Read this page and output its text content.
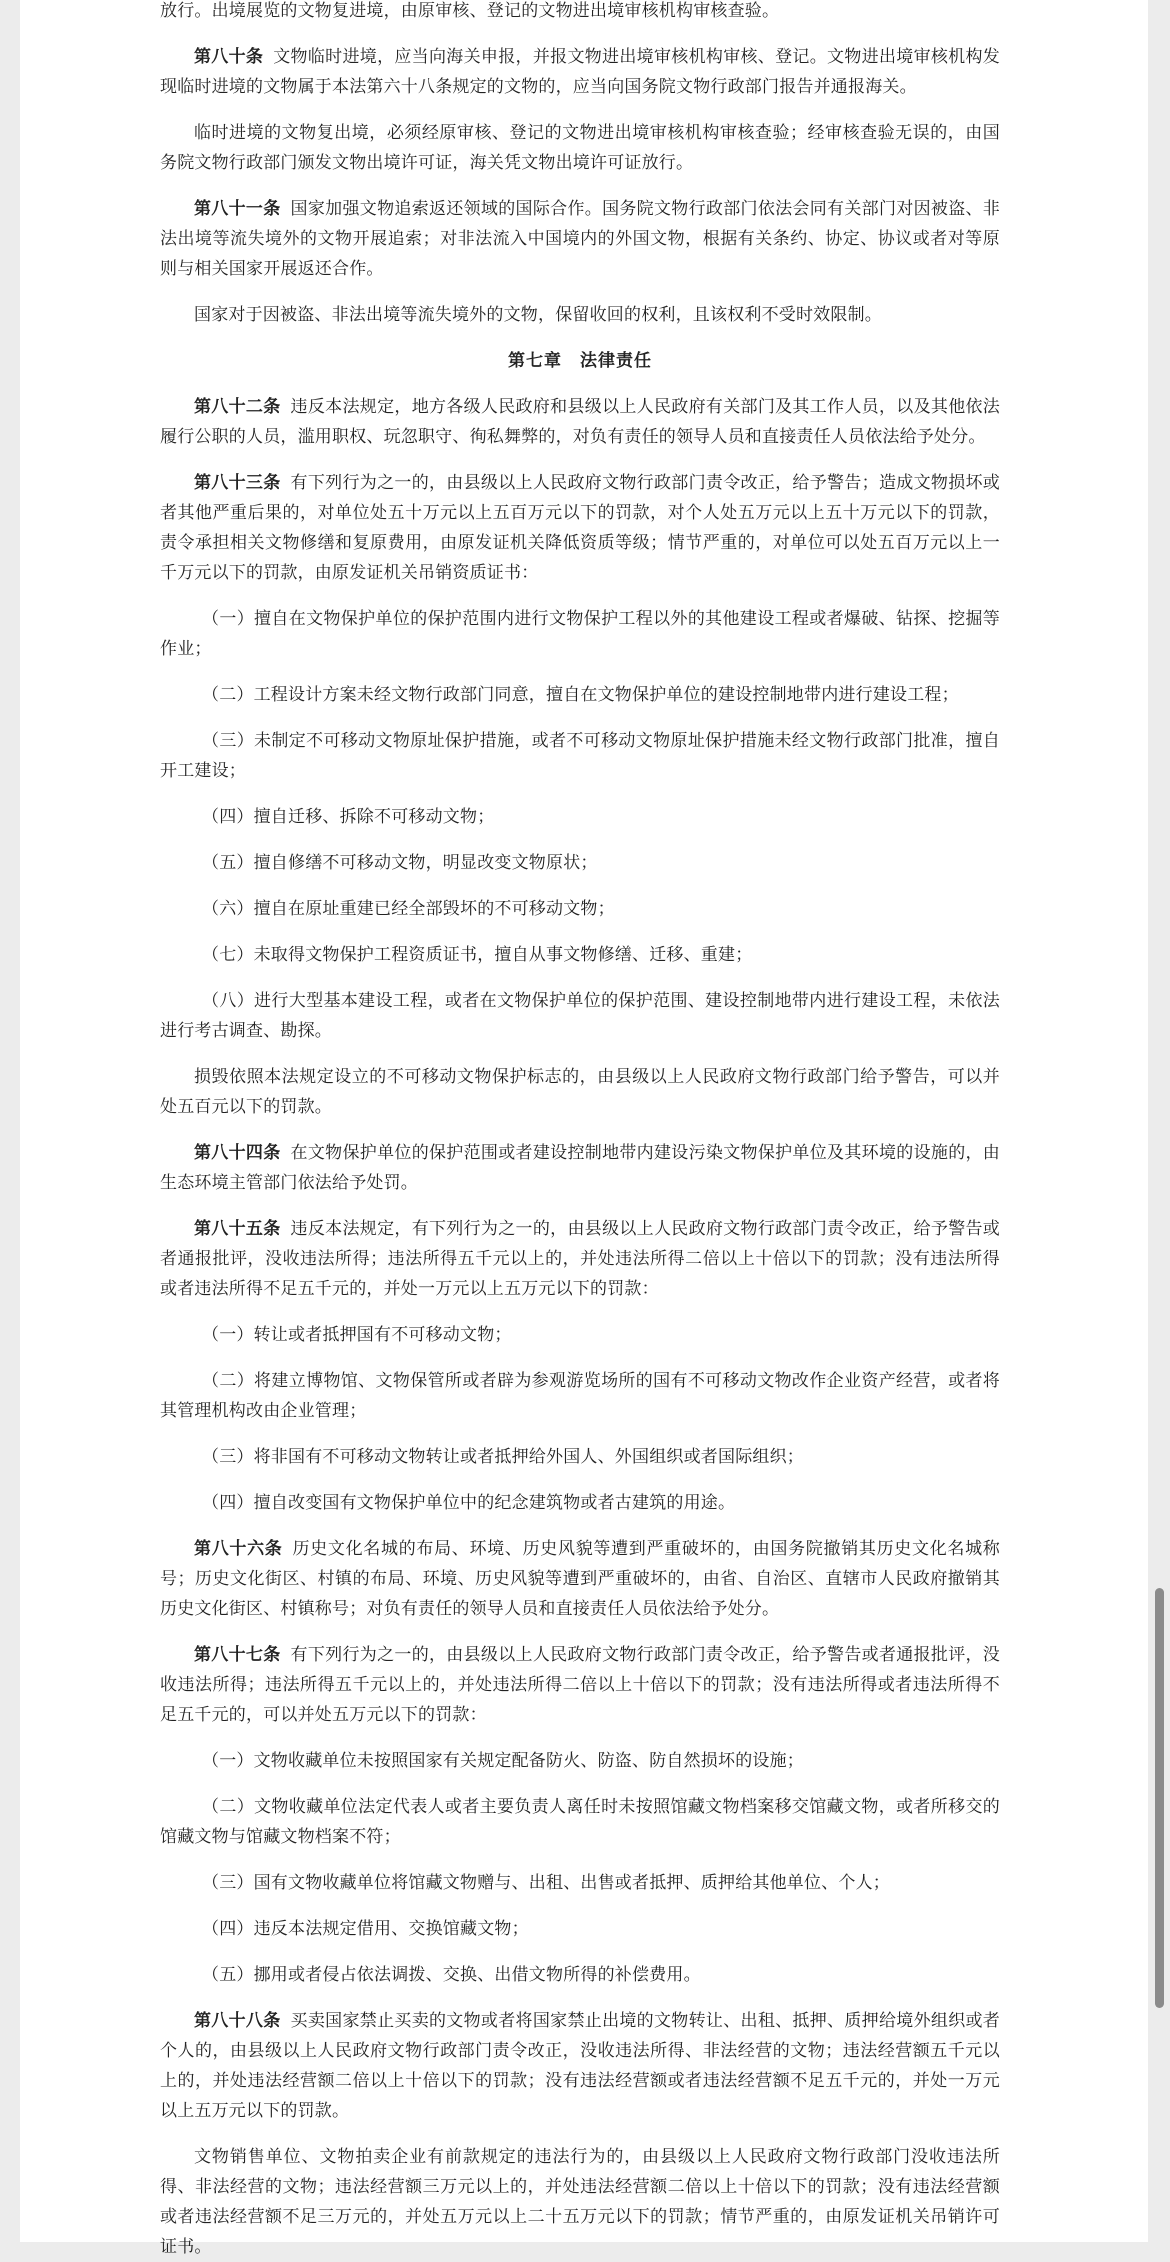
放行。出境展览的文物复进境，由原审核、登记的文物进出境审核机构审核查验。

第八十条 文物临时进境，应当向海关申报，并报文物进出境审核机构审核、登记。文物进出境审核机构发现临时进境的文物属于本法第六十八条规定的文物的，应当向国务院文物行政部门报告并通报海关。

临时进境的文物复出境，必须经原审核、登记的文物进出境审核机构审核查验；经审核查验无误的，由国务院文物行政部门颁发文物出境许可证，海关凭文物出境许可证放行。

第八十一条 国家加强文物追索返还领域的国际合作。国务院文物行政部门依法会同有关部门对因被盗、非法出境等流失境外的文物开展追索；对非法流入中国境内的外国文物，根据有关条约、协定、协议或者对等原则与相关国家开展返还合作。

国家对于因被盗、非法出境等流失境外的文物，保留收回的权利，且该权利不受时效限制。

第七章 法律责任

第八十二条 违反本法规定，地方各级人民政府和县级以上人民政府有关部门及其工作人员，以及其他依法履行公职的人员，滥用职权、玩忽职守、徇私舞弊的，对负有责任的领导人员和直接责任人员依法给予处分。

第八十三条 有下列行为之一的，由县级以上人民政府文物行政部门责令改正，给予警告；造成文物损坏或者其他严重后果的，对单位处五十万元以上五百万元以下的罚款，对个人处五万元以上五十万元以下的罚款，责令承担相关文物修缮和复原费用，由原发证机关降低资质等级；情节严重的，对单位可以处五百万元以上一千万元以下的罚款，由原发证机关吊销资质证书：

（一）擅自在文物保护单位的保护范围内进行文物保护工程以外的其他建设工程或者爆破、钻探、挖掘等作业；

（二）工程设计方案未经文物行政部门同意，擅自在文物保护单位的建设控制地带内进行建设工程；

（三）未制定不可移动文物原址保护措施，或者不可移动文物原址保护措施未经文物行政部门批准，擅自开工建设；

（四）擅自迁移、拆除不可移动文物；

（五）擅自修缮不可移动文物，明显改变文物原状；

（六）擅自在原址重建已经全部毁坏的不可移动文物；

（七）未取得文物保护工程资质证书，擅自从事文物修缮、迁移、重建；

（八）进行大型基本建设工程，或者在文物保护单位的保护范围、建设控制地带内进行建设工程，未依法进行考古调查、勘探。

损毁依照本法规定设立的不可移动文物保护标志的，由县级以上人民政府文物行政部门给予警告，可以并处五百元以下的罚款。

第八十四条 在文物保护单位的保护范围或者建设控制地带内建设污染文物保护单位及其环境的设施的，由生态环境主管部门依法给予处罚。

第八十五条 违反本法规定，有下列行为之一的，由县级以上人民政府文物行政部门责令改正，给予警告或者通报批评，没收违法所得；违法所得五千元以上的，并处违法所得二倍以上十倍以下的罚款；没有违法所得或者违法所得不足五千元的，并处一万元以上五万元以下的罚款：

（一）转让或者抵押国有不可移动文物；

（二）将建立博物馆、文物保管所或者辟为参观游览场所的国有不可移动文物改作企业资产经营，或者将其管理机构改由企业管理；

（三）将非国有不可移动文物转让或者抵押给外国人、外国组织或者国际组织；

（四）擅自改变国有文物保护单位中的纪念建筑物或者古建筑的用途。

第八十六条 历史文化名城的布局、环境、历史风貌等遭到严重破坏的，由国务院撤销其历史文化名城称号；历史文化街区、村镇的布局、环境、历史风貌等遭到严重破坏的，由省、自治区、直辖市人民政府撤销其历史文化街区、村镇称号；对负有责任的领导人员和直接责任人员依法给予处分。

第八十七条 有下列行为之一的，由县级以上人民政府文物行政部门责令改正，给予警告或者通报批评，没收违法所得；违法所得五千元以上的，并处违法所得二倍以上十倍以下的罚款；没有违法所得或者违法所得不足五千元的，可以并处五万元以下的罚款：

（一）文物收藏单位未按照国家有关规定配备防火、防盗、防自然损坏的设施；

（二）文物收藏单位法定代表人或者主要负责人离任时未按照馆藏文物档案移交馆藏文物，或者所移交的馆藏文物与馆藏文物档案不符；

（三）国有文物收藏单位将馆藏文物赠与、出租、出售或者抵押、质押给其他单位、个人；

（四）违反本法规定借用、交换馆藏文物；

（五）挪用或者侵占依法调拨、交换、出借文物所得的补偿费用。

第八十八条 买卖国家禁止买卖的文物或者将国家禁止出境的文物转让、出租、抵押、质押给境外组织或者个人的，由县级以上人民政府文物行政部门责令改正，没收违法所得、非法经营的文物；违法经营额五千元以上的，并处违法经营额二倍以上十倍以下的罚款；没有违法经营额或者违法经营额不足五千元的，并处一万元以上五万元以下的罚款。

文物销售单位、文物拍卖企业有前款规定的违法行为的，由县级以上人民政府文物行政部门没收违法所得、非法经营的文物；违法经营额三万元以上的，并处违法经营额二倍以上十倍以下的罚款；没有违法经营额或者违法经营额不足三万元的，并处五万元以上二十五万元以下的罚款；情节严重的，由原发证机关吊销许可证书。
